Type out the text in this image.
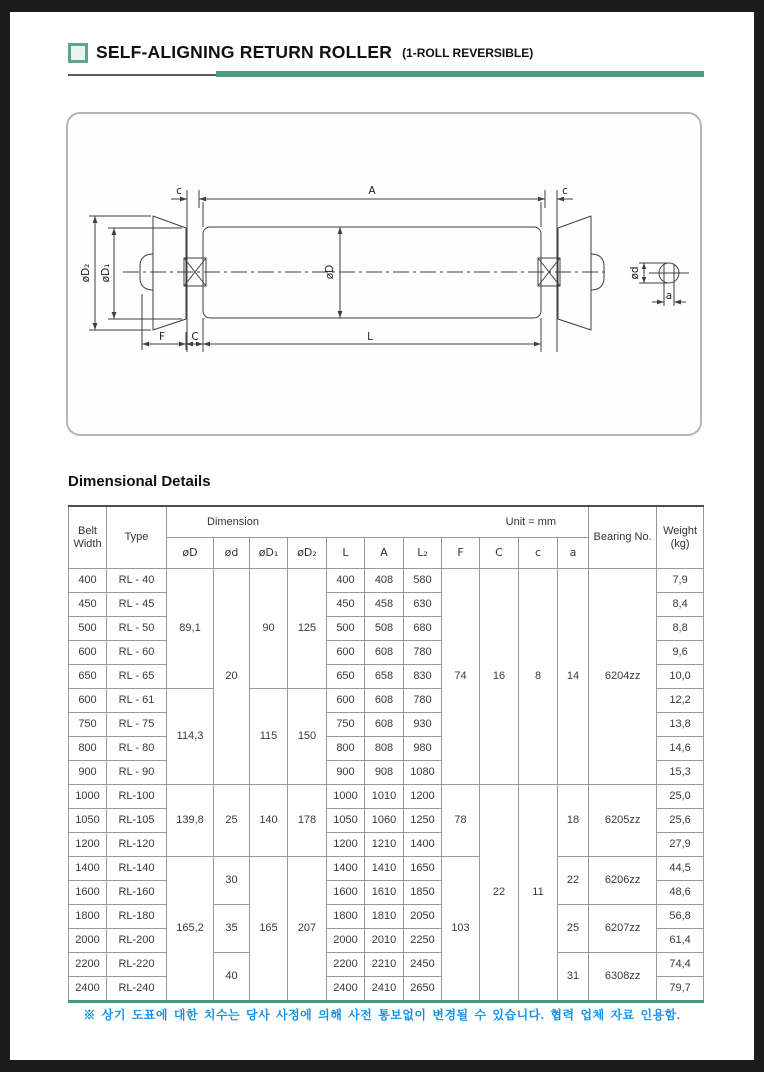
SELF-ALIGNING RETURN ROLLER (1-ROLL REVERSIBLE)
c	A	c
øD₂ øD₁	øD
F	C	L
ød
a
Dimensional Details
Belt Width	Type	Dimension Unit = mm											Bearing No.	Weight (kg)
		øD	ød	øD₁	øD₂	L	A	L₂	F	C	c	a		
400	RL - 40	89,1	20	90	125	400	408	580	74	16	8	14	6204zz	7,9
450	RL - 45					450	458	630						8,4
500	RL - 50					500	508	680						8,8
600	RL - 60					600	608	780						9,6
650	RL - 65					650	658	830						10,0
600	RL - 61	114,3		115	150	600	608	780						12,2
750	RL - 75					750	608	930						13,8
800	RL - 80					800	808	980						14,6
900	RL - 90					900	908	1080						15,3
1000	RL-100	139,8	25	140	178	1000	1010	1200	78	22	11	18	6205zz	25,0
1050	RL-105					1050	1060	1250						25,6
1200	RL-120					1200	1210	1400						27,9
1400	RL-140	165,2	30	165	207	1400	1410	1650	103			22	6206zz	44,5
1600	RL-160					1600	1610	1850						48,6
1800	RL-180		35			1800	1810	2050				25	6207zz	56,8
2000	RL-200					2000	2010	2250						61,4
2200	RL-220		40			2200	2210	2450				31	6308zz	74,4
2400	RL-240					2400	2410	2650						79,7
※ 상기 도표에 대한 치수는 당사 사정에 의해 사전 통보없이 변경될 수 있습니다. 협력 업체 자료 인용함.
